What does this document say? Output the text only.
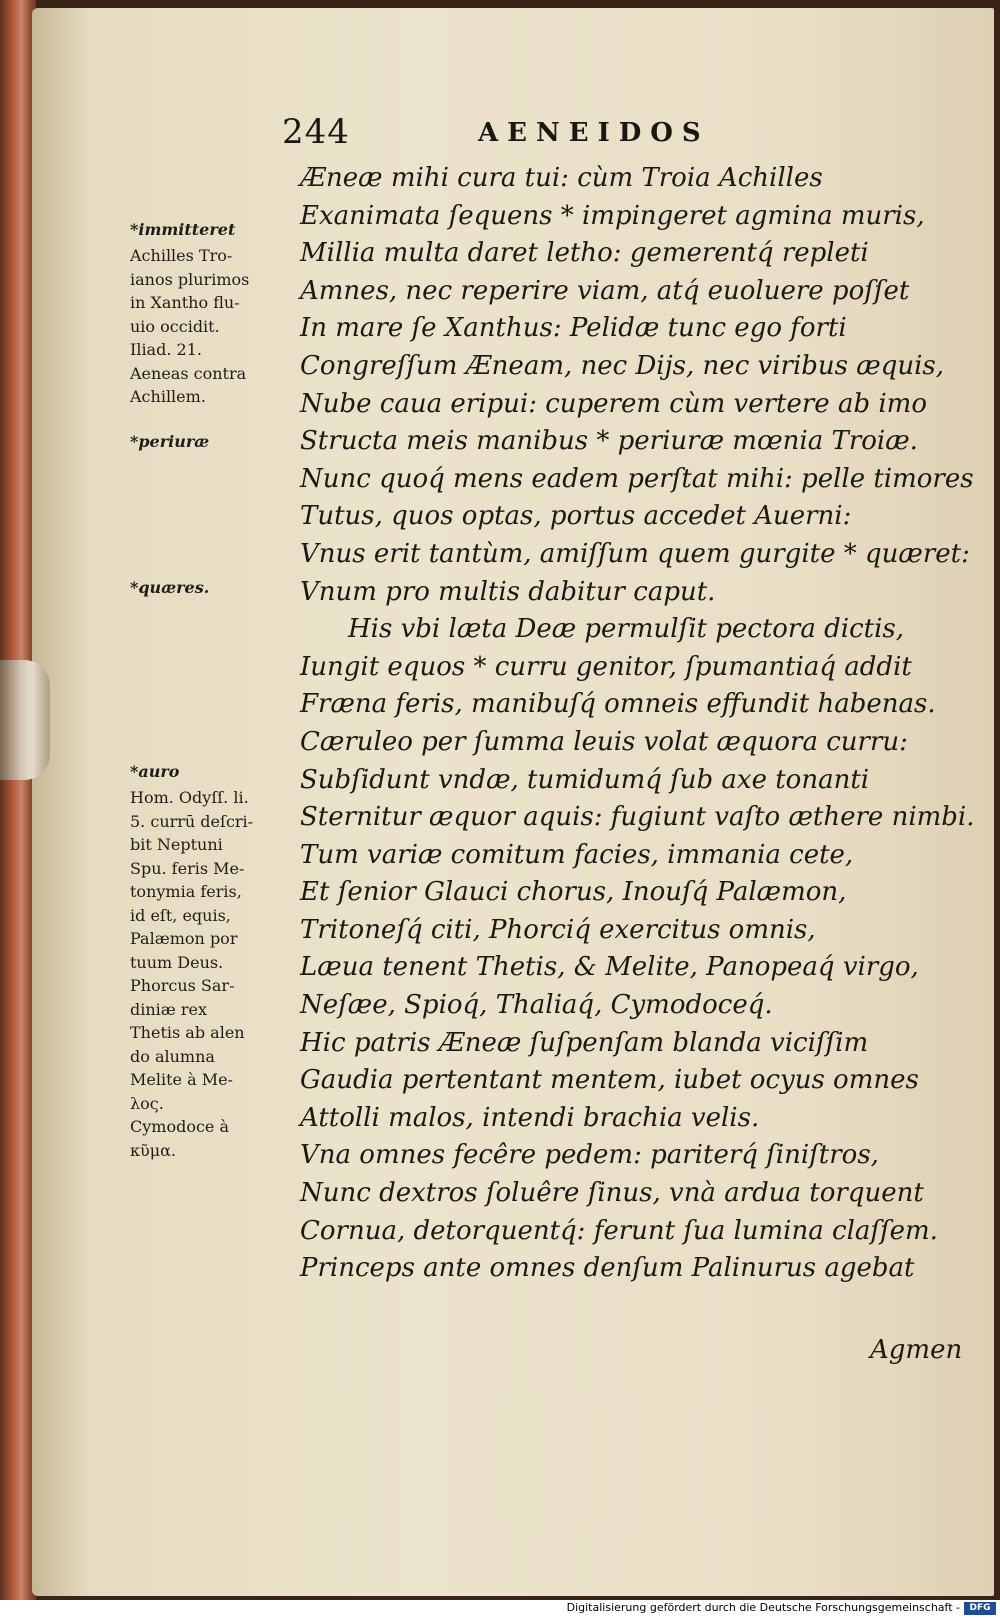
244	AENEIDOS
Æneæ mihi cura tui: cùm Troia Achilles
Exanimata ſequens * impingeret agmina muris,
Millia multa daret letho: gemerentq́ repleti
Amnes, nec reperire viam, atq́ euoluere poſſet
In mare ſe Xanthus: Pelidæ tunc ego forti
Congreſſum Æneam, nec Dijs, nec viribus æquis,
Nube caua eripui: cuperem cùm vertere ab imo
Structa meis manibus * periuræ mœnia Troiæ.
Nunc quoq́ mens eadem perſtat mihi: pelle timores
Tutus, quos optas, portus accedet Auerni:
Vnus erit tantùm, amiſſum quem gurgite * quæret:
Vnum pro multis dabitur caput.
His vbi læta Deæ permulſit pectora dictis,
Iungit equos * curru genitor, ſpumantiaq́ addit
Fræna feris, manibuſq́ omneis effundit habenas.
Cæruleo per ſumma leuis volat æquora curru:
Subſidunt vndæ, tumidumq́ ſub axe tonanti
Sternitur æquor aquis: fugiunt vaſto æthere nimbi.
Tum variæ comitum facies, immania cete,
Et ſenior Glauci chorus, Inouſq́ Palæmon,
Tritoneſq́ citi, Phorciq́ exercitus omnis,
Læua tenent Thetis, & Melite, Panopeaq́ virgo,
Neſæe, Spioq́, Thaliaq́, Cymodoceq́.
Hic patris Æneæ ſuſpenſam blanda viciſſim
Gaudia pertentant mentem, iubet ocyus omnes
Attolli malos, intendi brachia velis.
Vna omnes fecêre pedem: pariterq́ ſiniſtros,
Nunc dextros ſoluêre ſinus, vnà ardua torquent
Cornua, detorquentq́: ferunt ſua lumina claſſem.
Princeps ante omnes denſum Palinurus agebat
Agmen
*immitteret
Achilles Tro-
ianos plurimos
in Xantho flu-
uio occidit.
Iliad. 21.
Aeneas contra
Achillem.
*periuræ
*quæres.
*auro
Hom. Odyſſ. li.
5. currū deſcri-
bit Neptuni
Spu. feris Me-
tonymia feris,
id eſt, equis,
Palæmon por
tuum Deus.
Phorcus Sar-
diniæ rex
Thetis ab alen
do alumna
Melite à Me-
λος.
Cymodoce à
κῦμα.
Digitalisierung gefördert durch die Deutsche Forschungsgemeinschaft -	DFG
